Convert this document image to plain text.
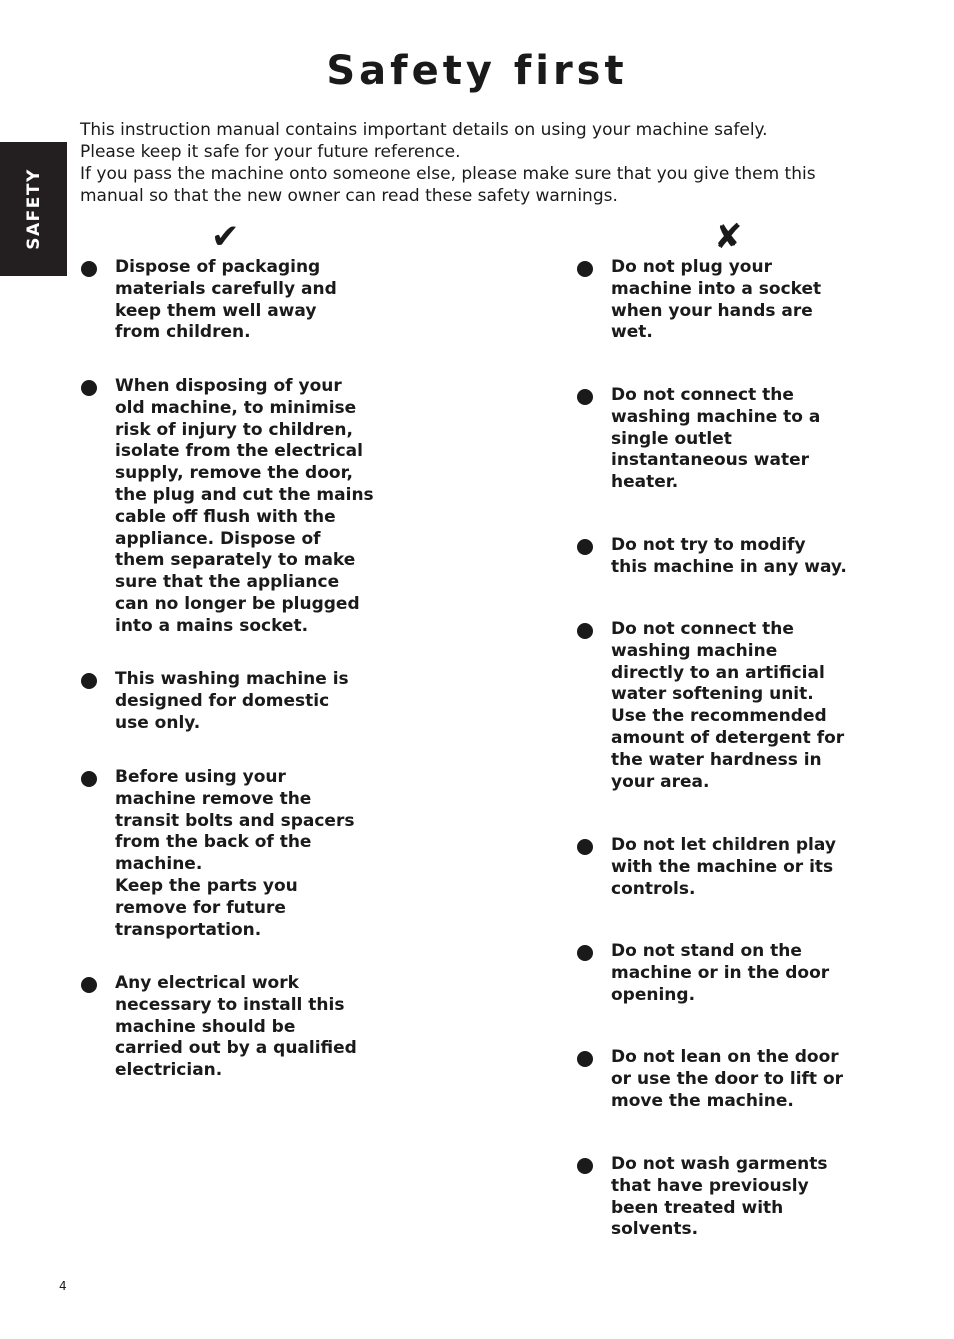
SAFETY
Safety first

This instruction manual contains important details on using your machine safely.

Please keep it safe for your future reference.

If you pass the machine onto someone else, please make sure that you give them this

manual so that the new owner can read these safety warnings.

✔
Dispose of packaging
materials carefully and
keep them well away
from children.
When disposing of your
old machine, to minimise
risk of injury to children,
isolate from the electrical
supply, remove the door,
the plug and cut the mains
cable off flush with the
appliance. Dispose of
them separately to make
sure that the appliance
can no longer be plugged
into a mains socket.
This washing machine is
designed for domestic
use only.
Before using your
machine remove the
transit bolts and spacers
from the back of the
machine.
Keep the parts you
remove for future
transportation.
Any electrical work
necessary to install this
machine should be
carried out by a qualified
electrician.
✘
Do not plug your
machine into a socket
when your hands are
wet.
Do not connect the
washing machine to a
single outlet
instantaneous water
heater.
Do not try to modify
this machine in any way.
Do not connect the
washing machine
directly to an artificial
water softening unit.
Use the recommended
amount of detergent for
the water hardness in
your area.
Do not let children play
with the machine or its
controls.
Do not stand on the
machine or in the door
opening.
Do not lean on the door
or use the door to lift or
move the machine.
Do not wash garments
that have previously
been treated with
solvents.
4
